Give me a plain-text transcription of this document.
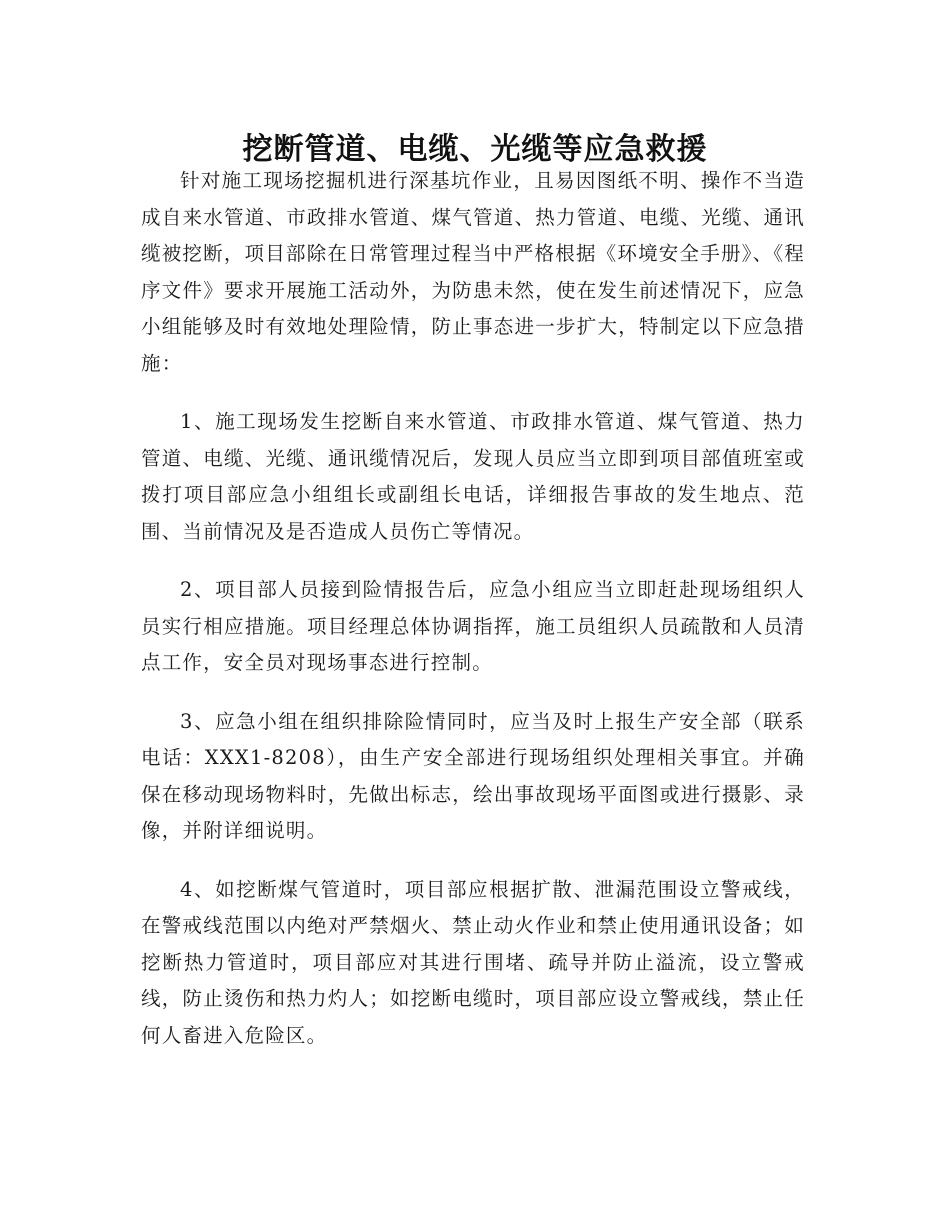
挖断管道、电缆、光缆等应急救援

针对施工现场挖掘机进行深基坑作业，且易因图纸不明、操作不当造成自来水管道、市政排水管道、煤气管道、热力管道、电缆、光缆、通讯缆被挖断，项目部除在日常管理过程当中严格根据《环境安全手册》、《程序文件》要求开展施工活动外，为防患未然，使在发生前述情况下，应急小组能够及时有效地处理险情，防止事态进一步扩大，特制定以下应急措施：

1、施工现场发生挖断自来水管道、市政排水管道、煤气管道、热力管道、电缆、光缆、通讯缆情况后，发现人员应当立即到项目部值班室或拨打项目部应急小组组长或副组长电话，详细报告事故的发生地点、范围、当前情况及是否造成人员伤亡等情况。

2、项目部人员接到险情报告后，应急小组应当立即赶赴现场组织人员实行相应措施。项目经理总体协调指挥，施工员组织人员疏散和人员清点工作，安全员对现场事态进行控制。

3、应急小组在组织排除险情同时，应当及时上报生产安全部（联系电话：XXX1-8208），由生产安全部进行现场组织处理相关事宜。并确保在移动现场物料时，先做出标志，绘出事故现场平面图或进行摄影、录像，并附详细说明。

4、如挖断煤气管道时，项目部应根据扩散、泄漏范围设立警戒线，在警戒线范围以内绝对严禁烟火、禁止动火作业和禁止使用通讯设备；如挖断热力管道时，项目部应对其进行围堵、疏导并防止溢流，设立警戒线，防止烫伤和热力灼人；如挖断电缆时，项目部应设立警戒线，禁止任何人畜进入危险区。
